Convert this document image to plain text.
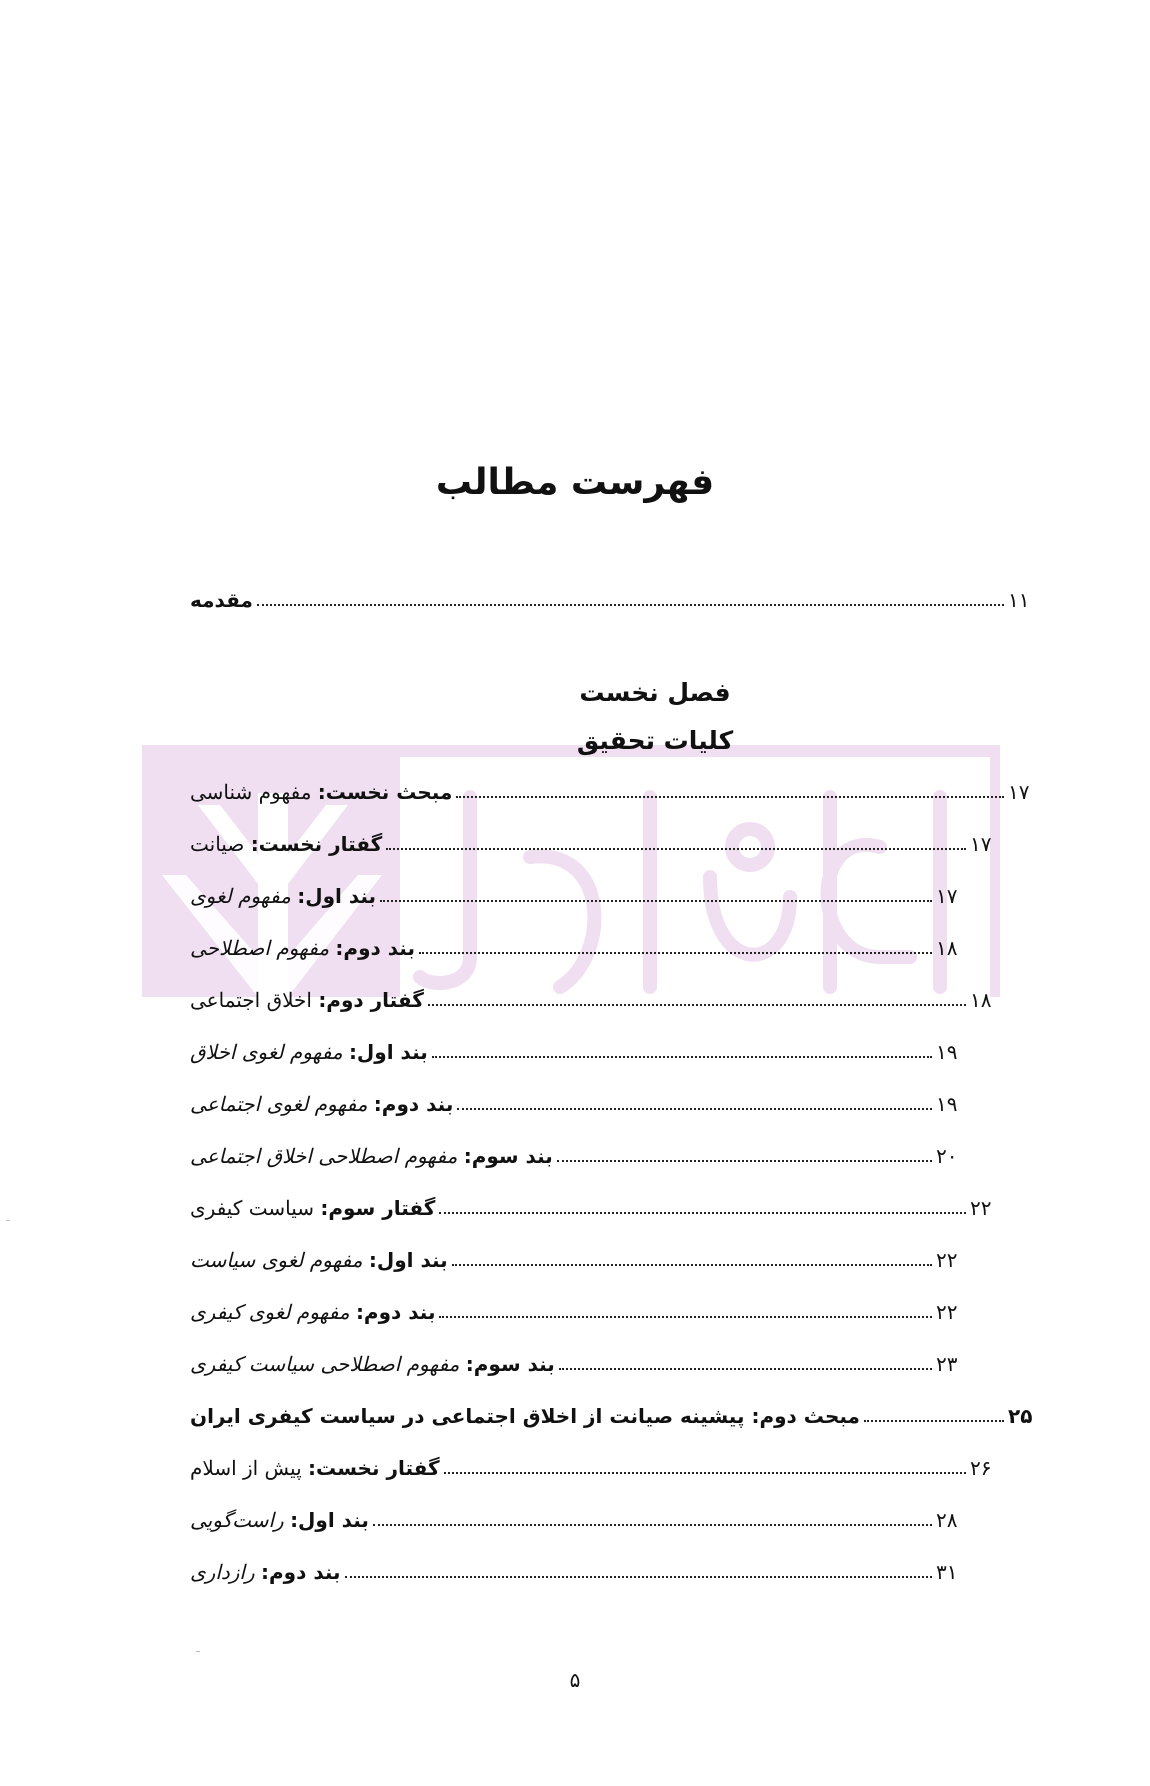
فهرست مطالب
مقدمه	۱۱
فصل نخست
کلیات تحقیق
مبحث نخست: مفهوم شناسی	۱۷
گفتار نخست: صیانت	۱۷
بند اول: مفهوم لغوی	۱۷
بند دوم: مفهوم اصطلاحی	۱۸
گفتار دوم: اخلاق اجتماعی	۱۸
بند اول: مفهوم لغوی اخلاق	۱۹
بند دوم: مفهوم لغوی اجتماعی	۱۹
بند سوم: مفهوم اصطلاحی اخلاق اجتماعی	۲۰
گفتار سوم: سیاست کیفری	۲۲
بند اول: مفهوم لغوی سیاست	۲۲
بند دوم: مفهوم لغوی کیفری	۲۲
بند سوم: مفهوم اصطلاحی سیاست کیفری	۲۳
مبحث دوم: پیشینه صیانت از اخلاق اجتماعی در سیاست کیفری ایران	۲۵
گفتار نخست: پیش از اسلام	۲۶
بند اول: راست‌گویی	۲۸
بند دوم: رازداری	۳۱
۵
